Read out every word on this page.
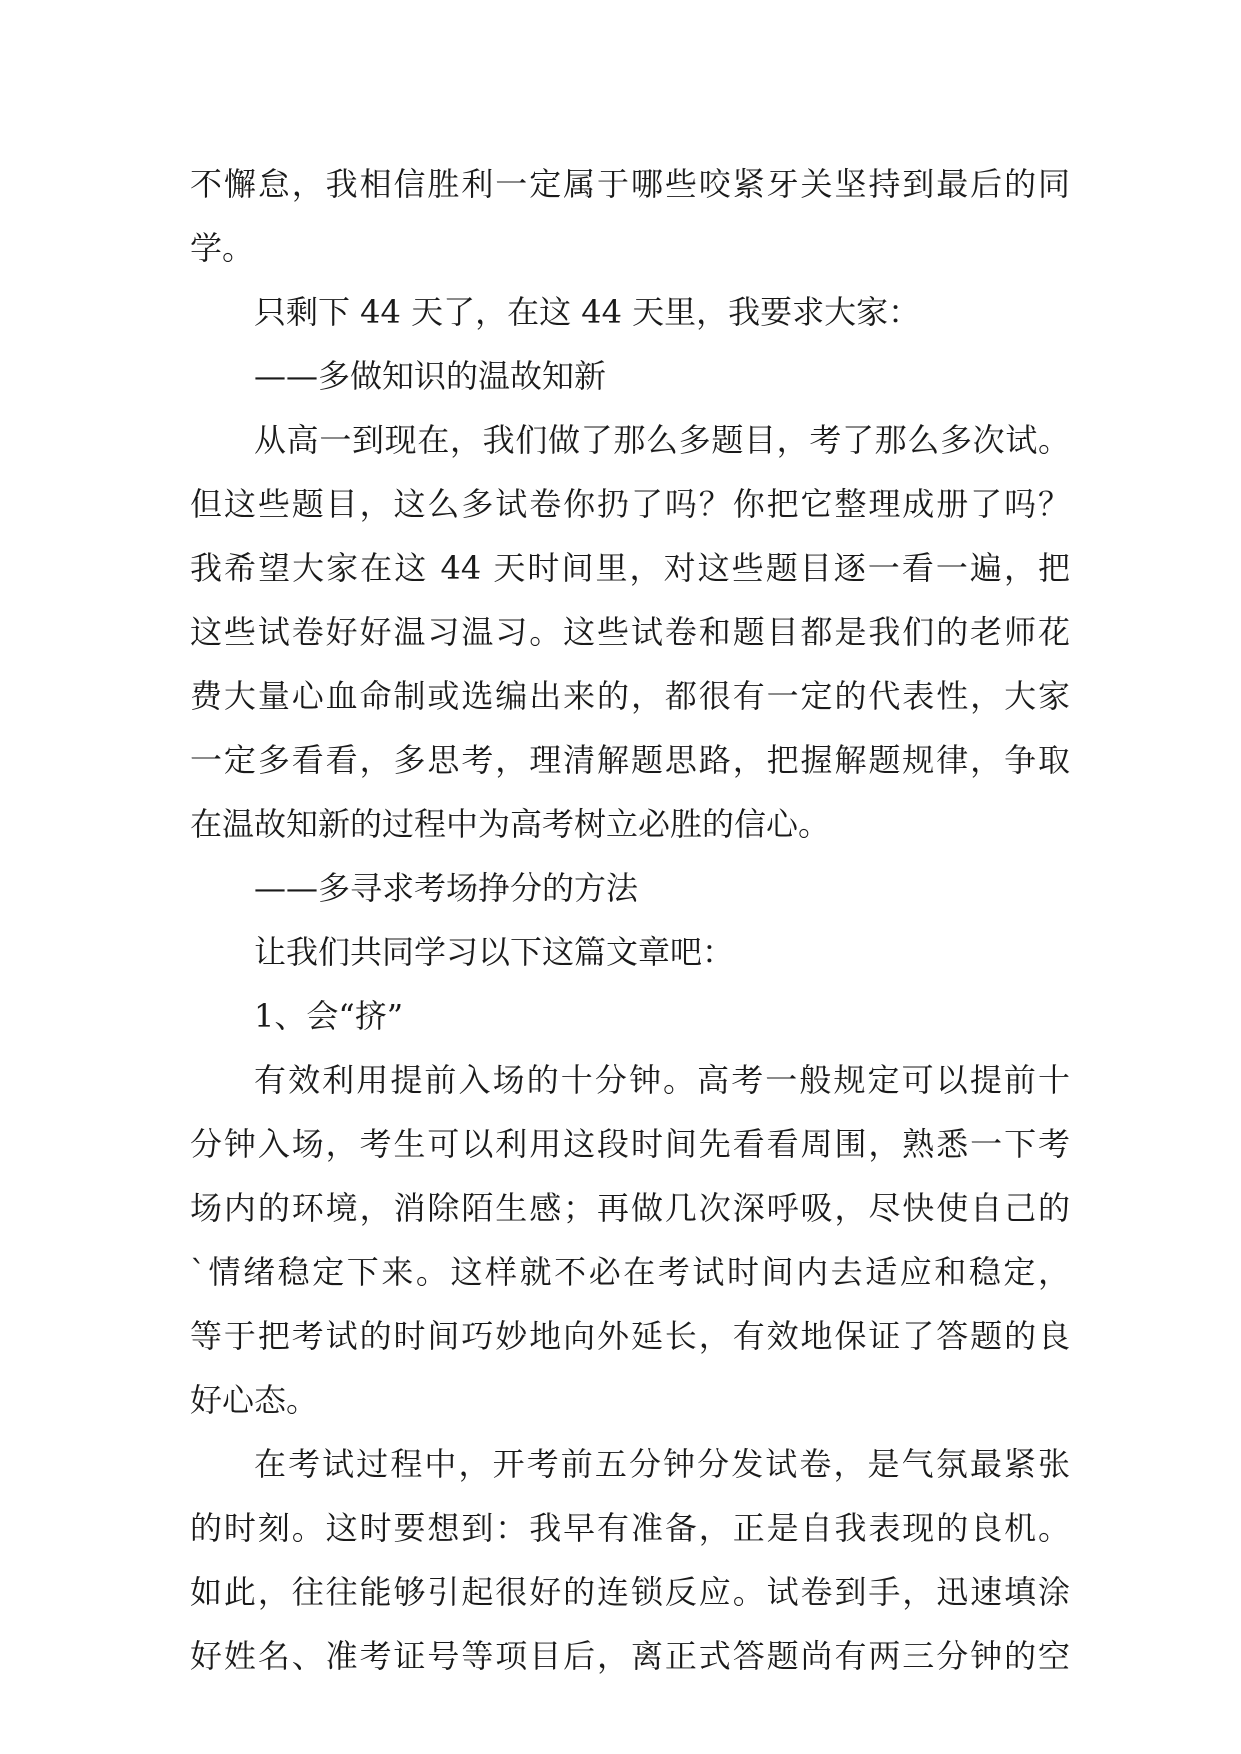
不懈怠，我相信胜利一定属于哪些咬紧牙关坚持到最后的同
学。
只剩下 44 天了，在这 44 天里，我要求大家：
——多做知识的温故知新
从高一到现在，我们做了那么多题目，考了那么多次试。
但这些题目，这么多试卷你扔了吗？你把它整理成册了吗？
我希望大家在这 44 天时间里，对这些题目逐一看一遍，把
这些试卷好好温习温习。这些试卷和题目都是我们的老师花
费大量心血命制或选编出来的，都很有一定的代表性，大家
一定多看看，多思考，理清解题思路，把握解题规律，争取
在温故知新的过程中为高考树立必胜的信心。
——多寻求考场挣分的方法
让我们共同学习以下这篇文章吧：
1、会“挤”
有效利用提前入场的十分钟。高考一般规定可以提前十
分钟入场，考生可以利用这段时间先看看周围，熟悉一下考
场内的环境，消除陌生感；再做几次深呼吸，尽快使自己的
`情绪稳定下来。这样就不必在考试时间内去适应和稳定，
等于把考试的时间巧妙地向外延长，有效地保证了答题的良
好心态。
在考试过程中，开考前五分钟分发试卷，是气氛最紧张
的时刻。这时要想到：我早有准备，正是自我表现的良机。
如此，往往能够引起很好的连锁反应。试卷到手，迅速填涂
好姓名、准考证号等项目后，离正式答题尚有两三分钟的空
